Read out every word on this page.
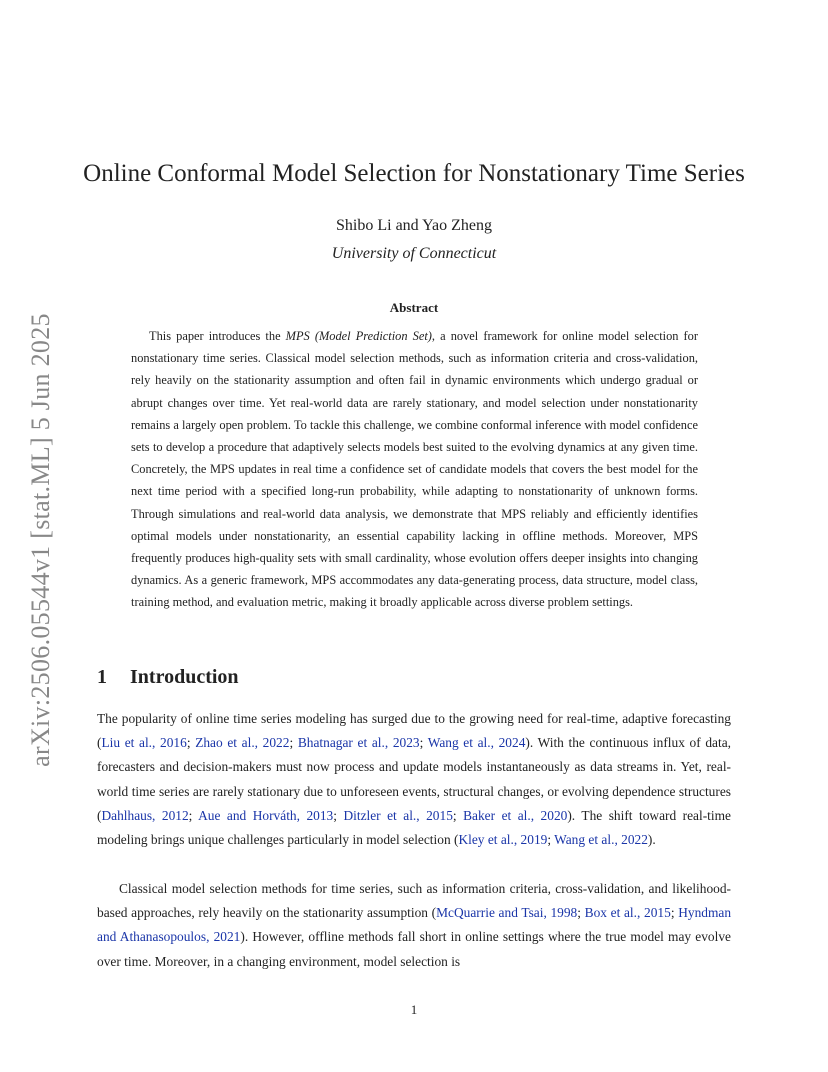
arXiv:2506.05544v1 [stat.ML] 5 Jun 2025
Online Conformal Model Selection for Nonstationary Time Series
Shibo Li and Yao Zheng
University of Connecticut
Abstract

This paper introduces the MPS (Model Prediction Set), a novel framework for online model selection for nonstationary time series. Classical model selection methods, such as information criteria and cross-validation, rely heavily on the stationarity assumption and often fail in dynamic environments which undergo gradual or abrupt changes over time. Yet real-world data are rarely stationary, and model selection under nonstationarity remains a largely open problem. To tackle this challenge, we combine conformal inference with model confidence sets to develop a procedure that adaptively selects models best suited to the evolving dynamics at any given time. Concretely, the MPS updates in real time a confidence set of candidate models that covers the best model for the next time period with a specified long-run probability, while adapting to nonstationarity of unknown forms. Through simulations and real-world data analysis, we demonstrate that MPS reliably and efficiently identifies optimal models under nonstationarity, an essential capability lacking in offline methods. Moreover, MPS frequently produces high-quality sets with small cardinality, whose evolution offers deeper insights into changing dynamics. As a generic framework, MPS accommodates any data-generating process, data structure, model class, training method, and evaluation metric, making it broadly applicable across diverse problem settings.

1 Introduction

The popularity of online time series modeling has surged due to the growing need for real-time, adaptive forecasting (Liu et al., 2016; Zhao et al., 2022; Bhatnagar et al., 2023; Wang et al., 2024). With the continuous influx of data, forecasters and decision-makers must now process and update models instantaneously as data streams in. Yet, real-world time series are rarely stationary due to unforeseen events, structural changes, or evolving dependence structures (Dahlhaus, 2012; Aue and Horváth, 2013; Ditzler et al., 2015; Baker et al., 2020). The shift toward real-time modeling brings unique challenges particularly in model selection (Kley et al., 2019; Wang et al., 2022).

Classical model selection methods for time series, such as information criteria, cross-validation, and likelihood-based approaches, rely heavily on the stationarity assumption (McQuarrie and Tsai, 1998; Box et al., 2015; Hyndman and Athanasopoulos, 2021). However, offline methods fall short in online settings where the true model may evolve over time. Moreover, in a changing environment, model selection is

1
